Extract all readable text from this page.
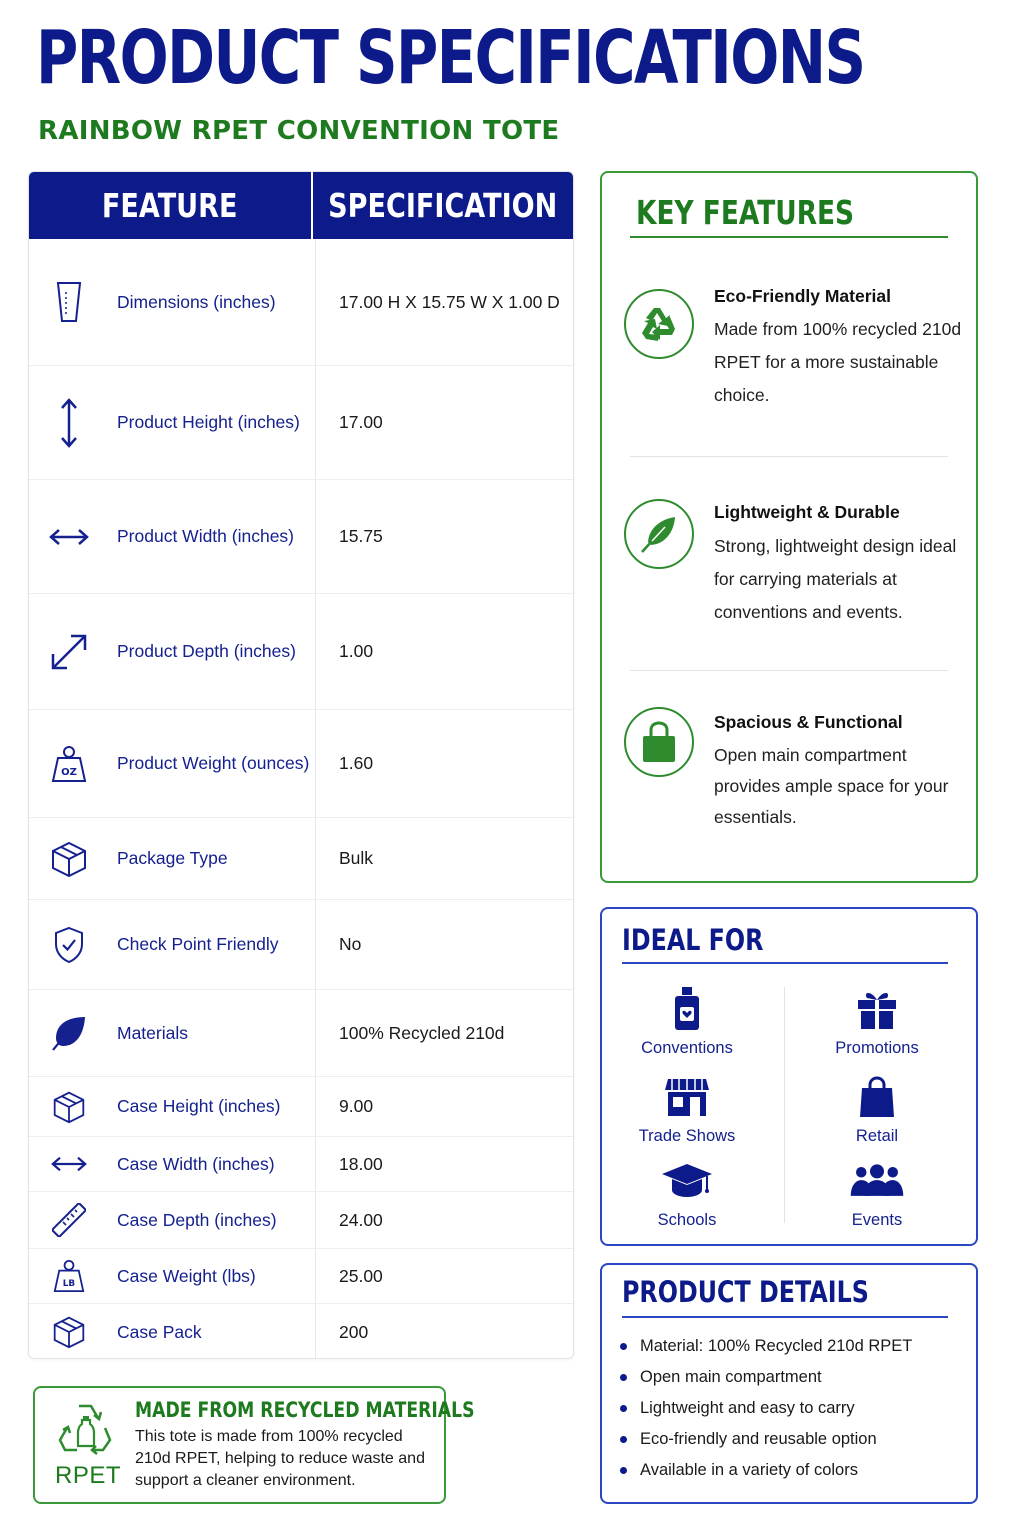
PRODUCT SPECIFICATIONS
RAINBOW RPET CONVENTION TOTE
FEATURE	SPECIFICATION
Dimensions (inches)	17.00 H X 15.75 W X 1.00 D
Product Height (inches) 17.00
Product Width (inches)	15.75
Product Depth (inches) 1.00
OZ Product Weight (ounces) 1.60
Package Type	Bulk
Check Point Friendly	No
Materials	100% Recycled 210d
Case Height (inches)	9.00
Case Width (inches)	18.00
Case Depth (inches)	24.00
LB Case Weight (lbs)	25.00
Case Pack	200
KEY FEATURES
Eco-Friendly Material
Made from 100% recycled 210d RPET for a more sustainable choice.
Lightweight & Durable
Strong, lightweight design ideal for carrying materials at conventions and events.
Spacious & Functional
Open main compartment provides ample space for your essentials.
IDEAL FOR
Conventions	Promotions
Trade Shows	Retail
Schools	Events
PRODUCT DETAILS
Material: 100% Recycled 210d RPET
Open main compartment
Lightweight and easy to carry
Eco-friendly and reusable option
Available in a variety of colors
RPET
MADE FROM RECYCLED MATERIALS
This tote is made from 100% recycled 210d RPET, helping to reduce waste and support a cleaner environment.
